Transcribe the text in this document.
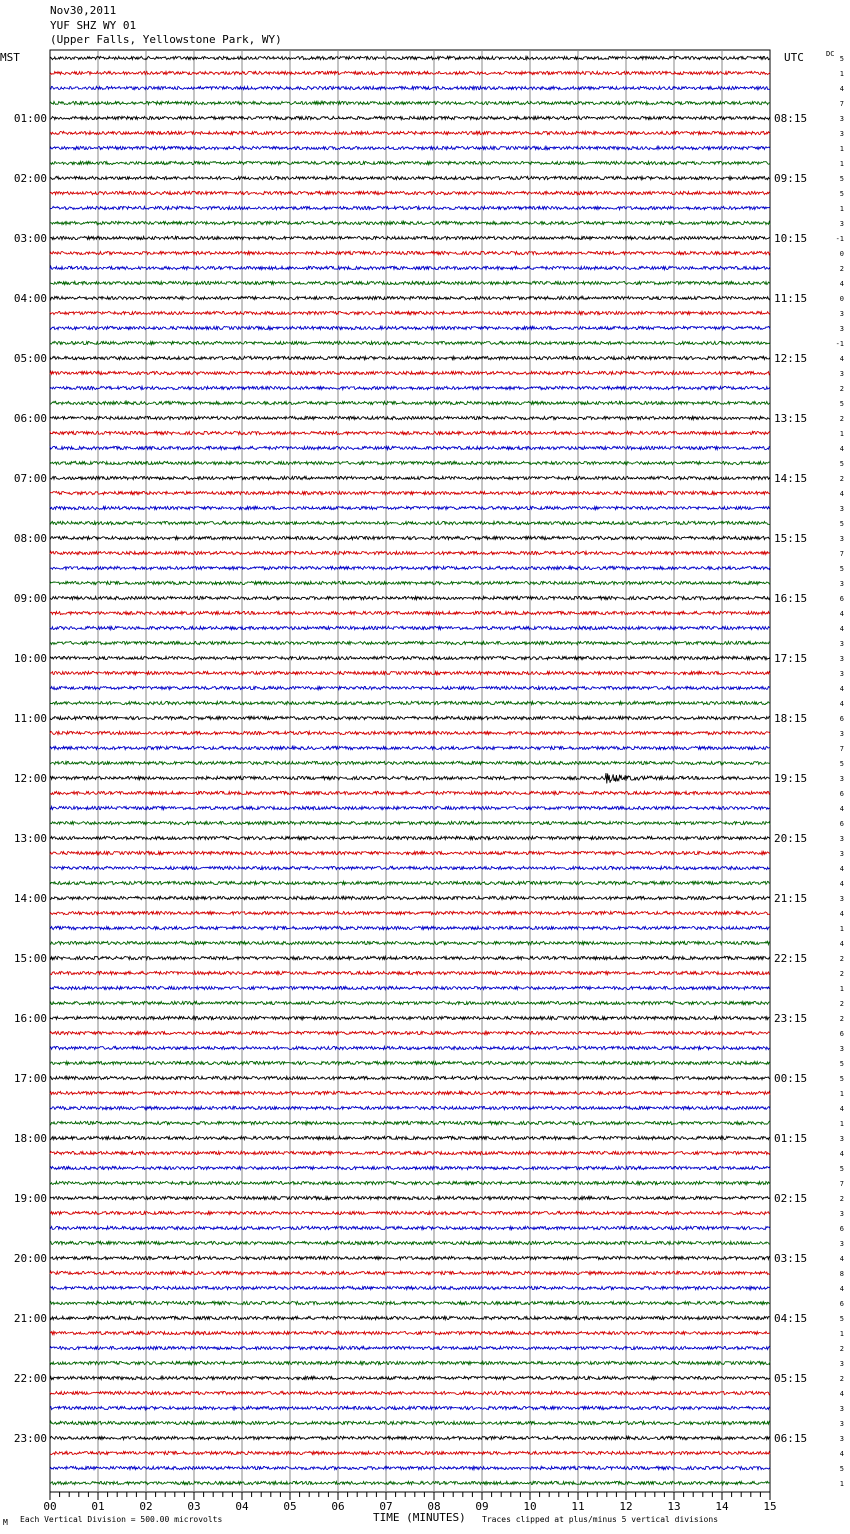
Nov30,2011
YUF SHZ WY 01
(Upper Falls, Yellowstone Park, WY)
MST	UTC	DC
01:00
02:00
03:00
04:00
05:00
06:00
07:00
08:00
09:00
10:00
11:00
12:00
13:00
14:00
15:00
16:00
17:00
18:00
19:00
20:00
21:00
22:00
23:00
08:15
09:15
10:15
11:15
12:15
13:15
14:15
15:15
16:15
17:15
18:15
19:15
20:15
21:15
22:15
23:15
00:15
01:15
02:15
03:15
04:15
05:15
06:15
5
1
4
7
3
3
1
1
5
5
1
3
-1
0
2
4
0
3
3
-1
4
3
2
5
2
1
4
5
2
4
3
5
3
7
5
3
6
4
4
3
3
3
4
4
6
3
7
5
3
6
4
6
3
3
4
4
3
4
1
4
2
2
1
2
2
6
3
5
5
1
4
1
3
4
5
7
2
3
6
3
4
8
4
6
5
1
2
3
2
4
3
3
3
4
5
1
00	01	02	03	04	05	06	07	08	09	10	11	12	13	14	15
M Each Vertical Division = 500.00 microvolts	TIME (MINUTES) Traces clipped at plus/minus 5 vertical divisions
